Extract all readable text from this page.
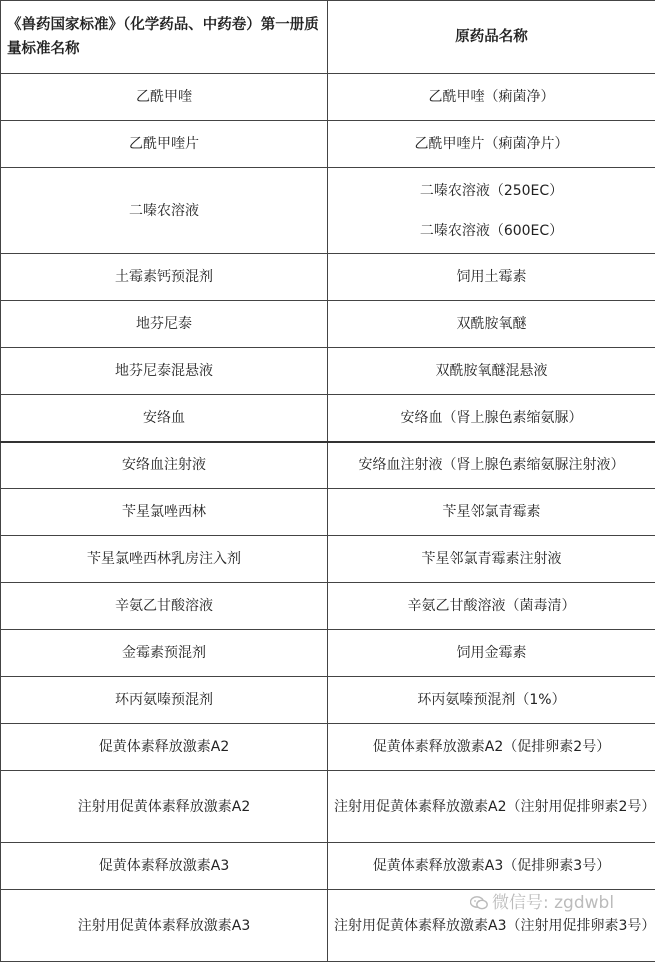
《兽药国家标准》（化学药品、中药卷）第一册质量标准名称	原药品名称
乙酰甲喹	乙酰甲喹（痢菌净）
乙酰甲喹片	乙酰甲喹片（痢菌净片）
二嗪农溶液	二嗪农溶液（250EC）
二嗪农溶液（600EC）

土霉素钙预混剂	饲用土霉素
地芬尼泰	双酰胺氧醚
地芬尼泰混悬液	双酰胺氧醚混悬液
安络血	安络血（肾上腺色素缩氨脲）
安络血注射液	安络血注射液（肾上腺色素缩氨脲注射液）
苄星氯唑西林	苄星邻氯青霉素
苄星氯唑西林乳房注入剂	苄星邻氯青霉素注射液
辛氨乙甘酸溶液	辛氨乙甘酸溶液（菌毒清）
金霉素预混剂	饲用金霉素
环丙氨嗪预混剂	环丙氨嗪预混剂（1%）
促黄体素释放激素A2	促黄体素释放激素A2（促排卵素2号）
注射用促黄体素释放激素A2	注射用促黄体素释放激素A2（注射用促排卵素2号）
促黄体素释放激素A3	促黄体素释放激素A3（促排卵素3号）
注射用促黄体素释放激素A3	注射用促黄体素释放激素A3（注射用促排卵素3号）
微信号: zgdwbl
